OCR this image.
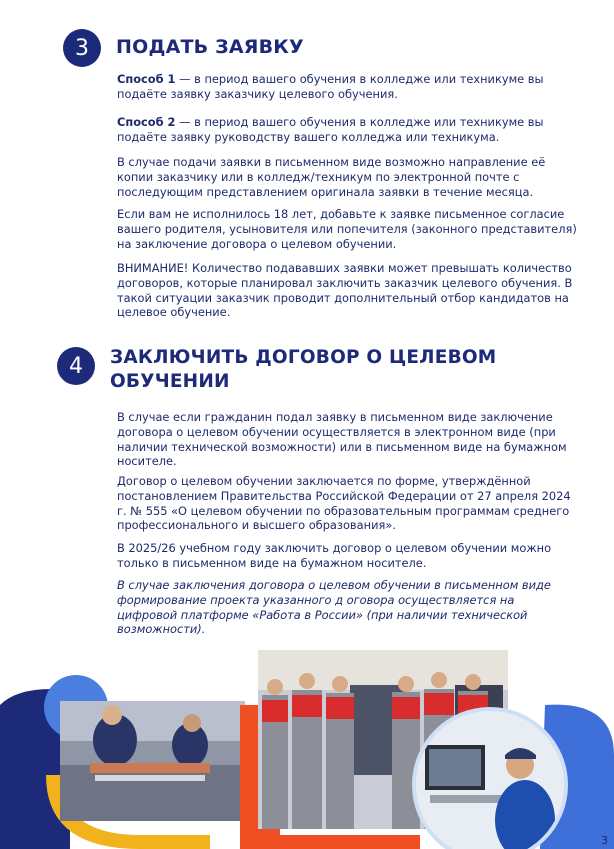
3 ПОДАТЬ ЗАЯВКУ

Способ 1 — в период вашего обучения в колледже или техникуме вы подаёте заявку заказчику целевого обучения.

Способ 2 — в период вашего обучения в колледже или техникуме вы подаёте заявку руководству вашего колледжа или техникума.

В случае подачи заявки в письменном виде возможно направление её копии заказчику или в колледж/техникум по электронной почте с последующим представлением оригинала заявки в течение месяца.

Если вам не исполнилось 18 лет, добавьте к заявке письменное согласие вашего родителя, усыновителя или попечителя (законного представителя) на заключение договора о целевом обучении.

ВНИМАНИЕ! Количество подававших заявки может превышать количество договоров, которые планировал заключить заказчик целевого обучения. В такой ситуации заказчик проводит дополнительный отбор кандидатов на целевое обучение.

4 ЗАКЛЮЧИТЬ ДОГОВОР О ЦЕЛЕВОМ
ОБУЧЕНИИ

В случае если гражданин подал заявку в письменном виде заключение договора о целевом обучении осуществляется в электронном виде (при наличии технической возможности) или в письменном виде на бумажном носителе.

Договор о целевом обучении заключается по форме, утверждённой постановлением Правительства Российской Федерации от 27 апреля 2024 г. № 555 «О целевом обучении по образовательным программам среднего профессионального и высшего образования».

В 2025/26 учебном году заключить договор о целевом обучении можно только в письменном виде на бумажном носителе.

В случае заключения договора о целевом обучении в письменном виде формирование проекта указанного д оговора осуществляется на цифровой платформе «Работа в России» (при наличии технической возможности).

3
